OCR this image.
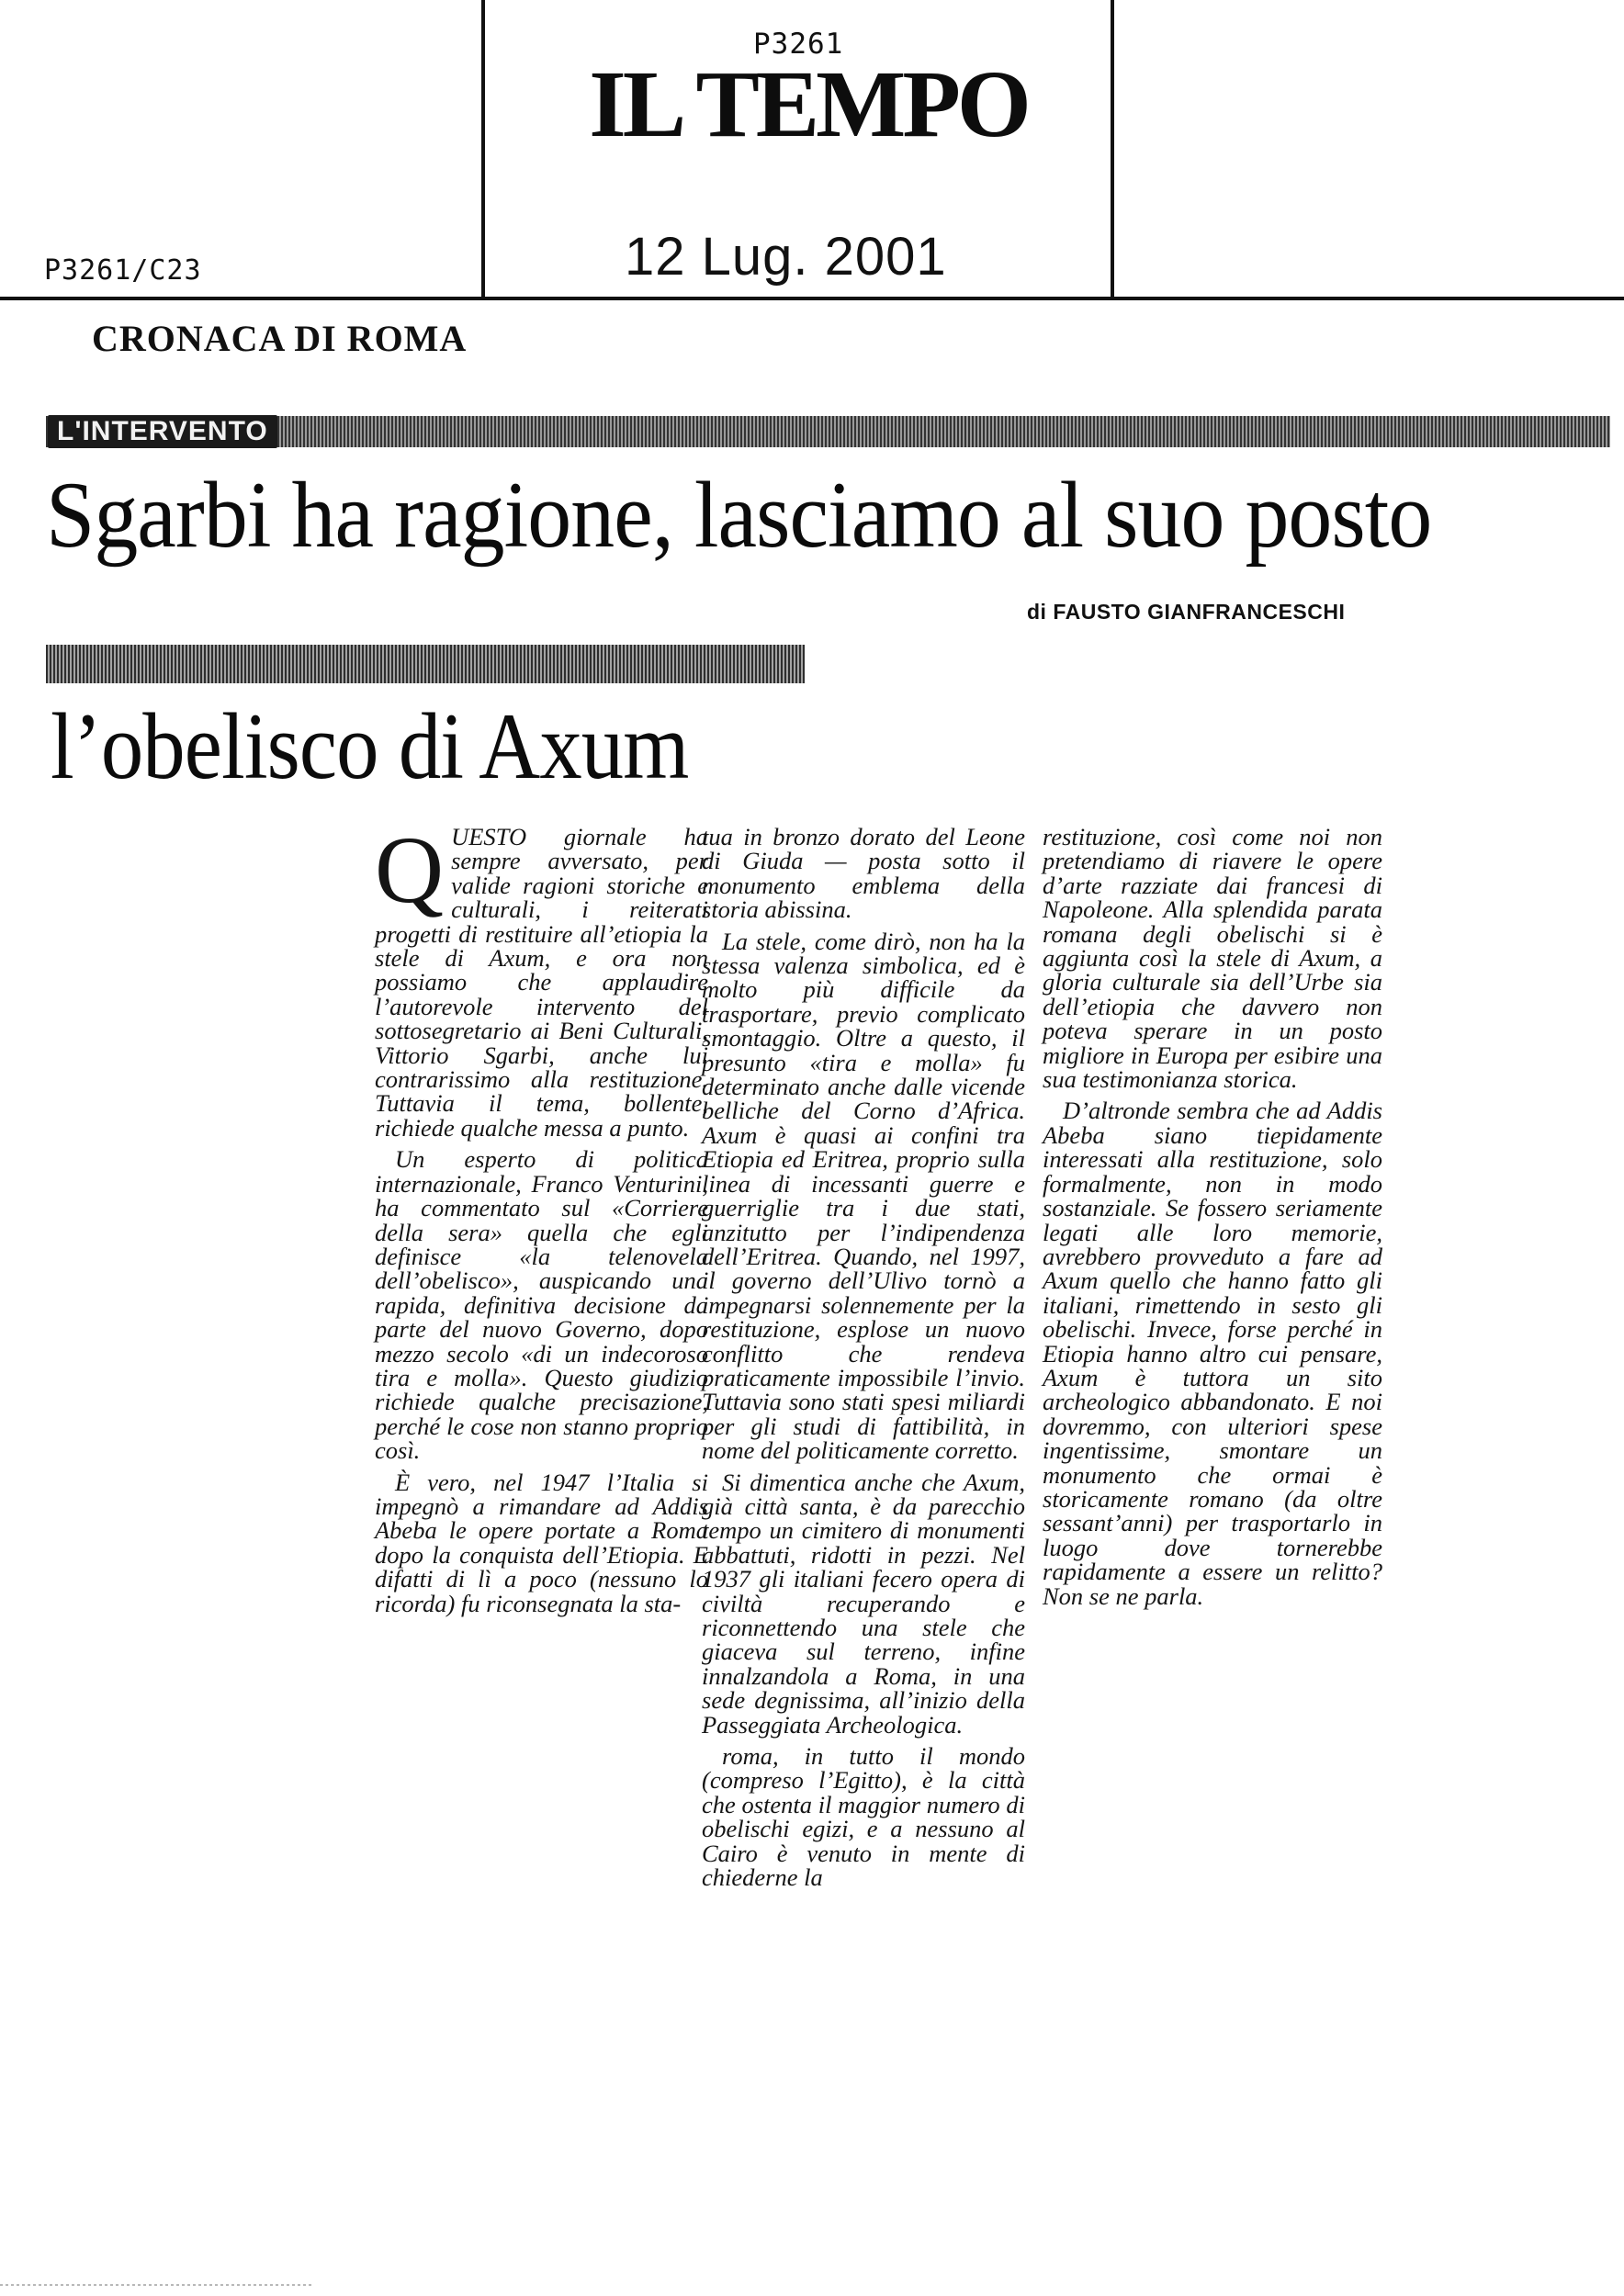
P3261
IL TEMPO
12 Lug. 2001
P3261/C23
CRONACA DI ROMA
L'INTERVENTO
Sgarbi ha ragione, lasciamo al suo posto
di FAUSTO GIANFRANCESCHI
l’obelisco di Axum

QUESTO giornale ha sempre avversato, per valide ragioni storiche e culturali, i reiterati progetti di restituire all’etiopia la stele di Axum, e ora non possiamo che applaudire l’autorevole intervento del sottosegretario ai Beni Culturali, Vittorio Sgarbi, anche lui contrarissimo alla restituzione. Tuttavia il tema, bollente, richiede qualche messa a punto.

Un esperto di politica internazionale, Franco Venturini, ha commentato sul «Corriere della sera» quella che egli definisce «la telenovela dell’obelisco», auspicando una rapida, definitiva decisione da parte del nuovo Governo, dopo mezzo secolo «di un indecoroso tira e molla». Questo giudizio richiede qualche precisazione, perché le cose non stanno proprio così.

È vero, nel 1947 l’Italia si impegnò a rimandare ad Addis Abeba le opere portate a Roma dopo la conquista dell’Etiopia. E difatti di lì a poco (nessuno lo ricorda) fu riconsegnata la sta-

tua in bronzo dorato del Leone di Giuda — posta sotto il monumento emblema della storia abissina.

La stele, come dirò, non ha la stessa valenza simbolica, ed è molto più difficile da trasportare, previo complicato smontaggio. Oltre a questo, il presunto «tira e molla» fu determinato anche dalle vicende belliche del Corno d’Africa. Axum è quasi ai confini tra Etiopia ed Eritrea, proprio sulla linea di incessanti guerre e guerriglie tra i due stati, anzitutto per l’indipendenza dell’Eritrea. Quando, nel 1997, il governo dell’Ulivo tornò a impegnarsi solennemente per la restituzione, esplose un nuovo conflitto che rendeva praticamente impossibile l’invio. Tuttavia sono stati spesi miliardi per gli studi di fattibilità, in nome del politicamente corretto.

Si dimentica anche che Axum, già città santa, è da parecchio tempo un cimitero di monumenti abbattuti, ridotti in pezzi. Nel 1937 gli italiani fecero opera di civiltà recuperando e riconnettendo una stele che giaceva sul terreno, infine innalzandola a Roma, in una sede degnissima, all’inizio della Passeggiata Archeologica.

roma, in tutto il mondo (compreso l’Egitto), è la città che ostenta il maggior numero di obelischi egizi, e a nessuno al Cairo è venuto in mente di chiederne la

restituzione, così come noi non pretendiamo di riavere le opere d’arte razziate dai francesi di Napoleone. Alla splendida parata romana degli obelischi si è aggiunta così la stele di Axum, a gloria culturale sia dell’Urbe sia dell’etiopia che davvero non poteva sperare in un posto migliore in Europa per esibire una sua testimonianza storica.

D’altronde sembra che ad Addis Abeba siano tiepidamente interessati alla restituzione, solo formalmente, non in modo sostanziale. Se fossero seriamente legati alle loro memorie, avrebbero provveduto a fare ad Axum quello che hanno fatto gli italiani, rimettendo in sesto gli obelischi. Invece, forse perché in Etiopia hanno altro cui pensare, Axum è tuttora un sito archeologico abbandonato. E noi dovremmo, con ulteriori spese ingentissime, smontare un monumento che ormai è storicamente romano (da oltre sessant’anni) per trasportarlo in luogo dove tornerebbe rapidamente a essere un relitto? Non se ne parla.
